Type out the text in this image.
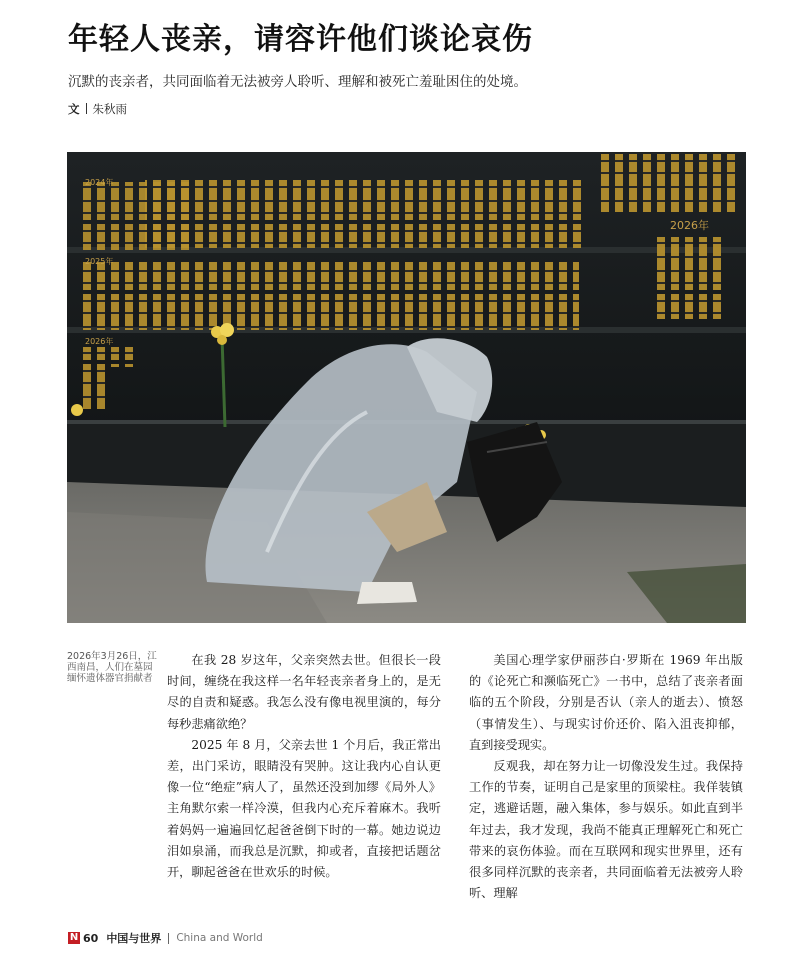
年轻人丧亲，请容许他们谈论哀伤

沉默的丧亲者，共同面临着无法被旁人聆听、理解和被死亡羞耻困住的处境。

文 朱秋雨
2024年
2025年
2026年
2026年
2026年3月26日，江西南昌，人们在墓园缅怀遗体器官捐献者

在我 28 岁这年，父亲突然去世。但很长一段时间，缠绕在我这样一名年轻丧亲者身上的，是无尽的自责和疑惑。我怎么没有像电视里演的，每分每秒悲痛欲绝？

2025 年 8 月，父亲去世 1 个月后，我正常出差，出门采访，眼睛没有哭肿。这让我内心自认更像一位“绝症”病人了，虽然还没到加缪《局外人》主角默尔索一样冷漠，但我内心充斥着麻木。我听着妈妈一遍遍回忆起爸爸倒下时的一幕。她边说边泪如泉涌，而我总是沉默，抑或者，直接把话题岔开，聊起爸爸在世欢乐的时候。

美国心理学家伊丽莎白·罗斯在 1969 年出版的《论死亡和濒临死亡》一书中，总结了丧亲者面临的五个阶段，分别是否认（亲人的逝去）、愤怒（事情发生）、与现实讨价还价、陷入沮丧抑郁，直到接受现实。

反观我，却在努力让一切像没发生过。我保持工作的节奏，证明自己是家里的顶梁柱。我佯装镇定，逃避话题，融入集体，参与娱乐。如此直到半年过去，我才发现，我尚不能真正理解死亡和死亡带来的哀伤体验。而在互联网和现实世界里，还有很多同样沉默的丧亲者，共同面临着无法被旁人聆听、理解

N 60 中国与世界 China and World
